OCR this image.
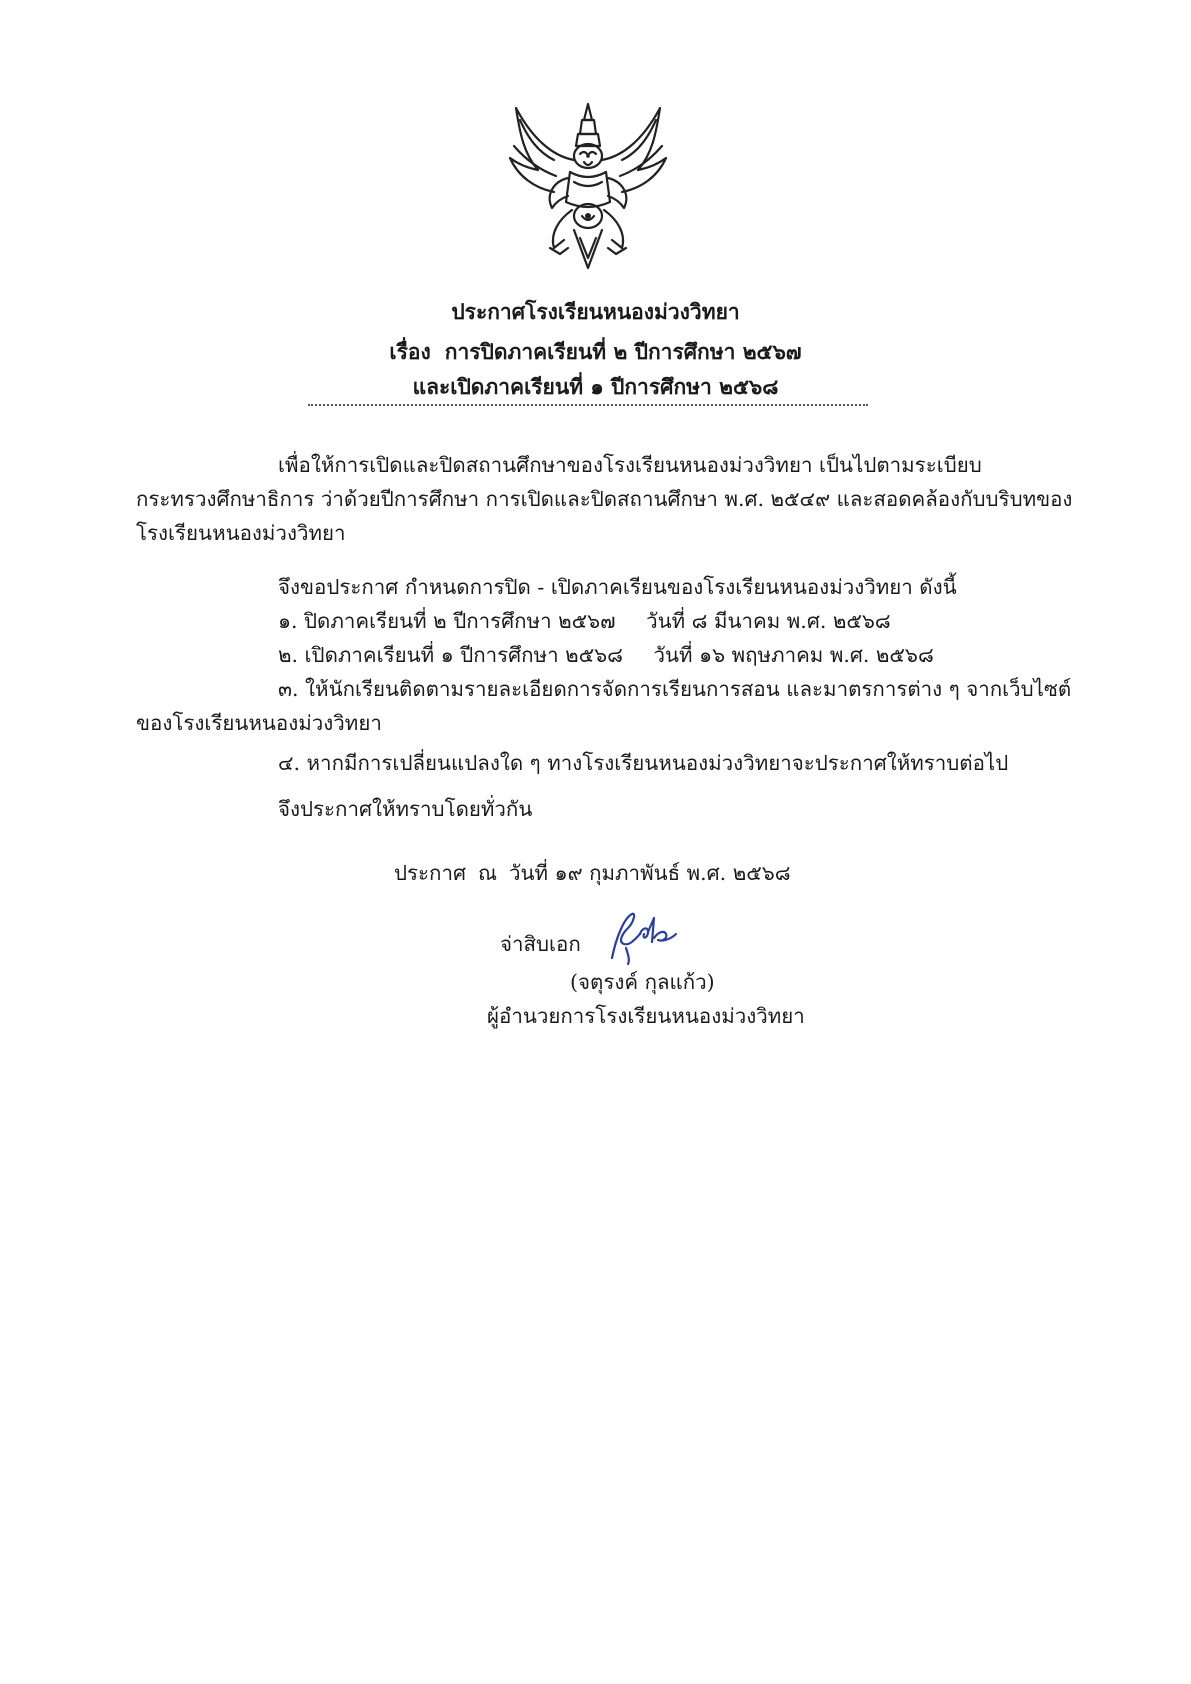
ประกาศโรงเรียนหนองม่วงวิทยา
เรื่อง การปิดภาคเรียนที่ ๒ ปีการศึกษา ๒๕๖๗
และเปิดภาคเรียนที่ ๑ ปีการศึกษา ๒๕๖๘
เพื่อให้การเปิดและปิดสถานศึกษาของโรงเรียนหนองม่วงวิทยา เป็นไปตามระเบียบ
กระทรวงศึกษาธิการ ว่าด้วยปีการศึกษา การเปิดและปิดสถานศึกษา พ.ศ. ๒๕๔๙ และสอดคล้องกับบริบทของ
โรงเรียนหนองม่วงวิทยา
จึงขอประกาศ กำหนดการปิด - เปิดภาคเรียนของโรงเรียนหนองม่วงวิทยา ดังนี้
๑. ปิดภาคเรียนที่ ๒ ปีการศึกษา ๒๕๖๗ วันที่ ๘ มีนาคม พ.ศ. ๒๕๖๘
๒. เปิดภาคเรียนที่ ๑ ปีการศึกษา ๒๕๖๘ วันที่ ๑๖ พฤษภาคม พ.ศ. ๒๕๖๘
๓. ให้นักเรียนติดตามรายละเอียดการจัดการเรียนการสอน และมาตรการต่าง ๆ จากเว็บไซต์
ของโรงเรียนหนองม่วงวิทยา
๔. หากมีการเปลี่ยนแปลงใด ๆ ทางโรงเรียนหนองม่วงวิทยาจะประกาศให้ทราบต่อไป
จึงประกาศให้ทราบโดยทั่วกัน
ประกาศ ณ วันที่ ๑๙ กุมภาพันธ์ พ.ศ. ๒๕๖๘
จ่าสิบเอก
(จตุรงค์ กุลแก้ว)
ผู้อำนวยการโรงเรียนหนองม่วงวิทยา
